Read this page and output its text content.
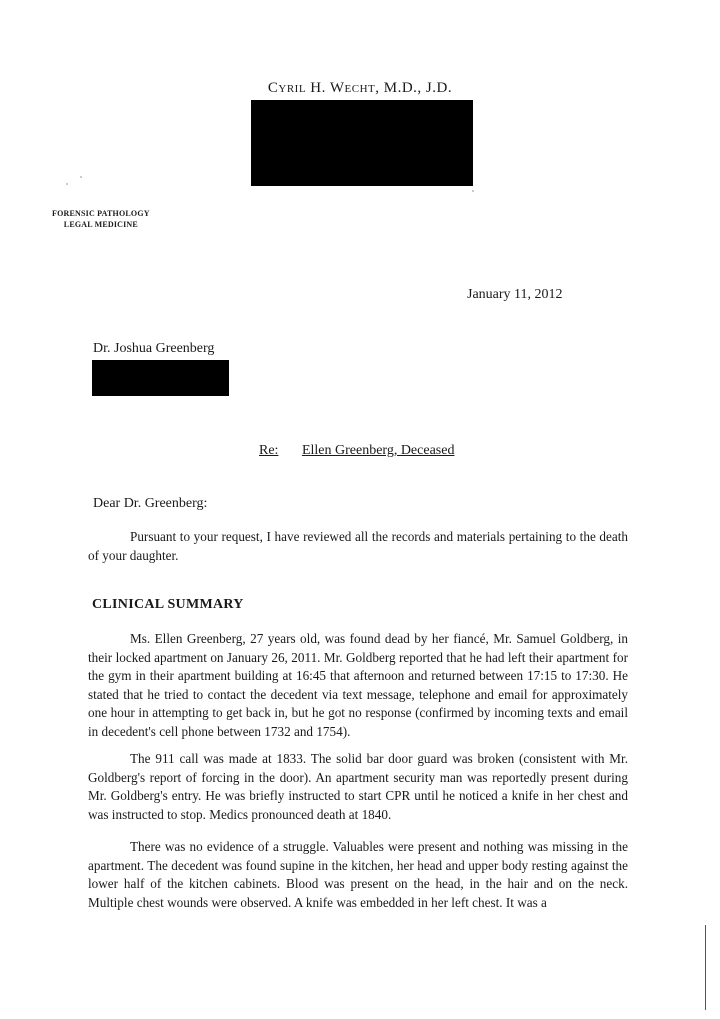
Cyril H. Wecht, M.D., J.D.
FORENSIC PATHOLOGY
LEGAL MEDICINE
January 11, 2012
Dr. Joshua Greenberg
Re: Ellen Greenberg, Deceased
Dear Dr. Greenberg:
Pursuant to your request, I have reviewed all the records and materials pertaining to the death of your daughter.
CLINICAL SUMMARY
Ms. Ellen Greenberg, 27 years old, was found dead by her fiancé, Mr. Samuel Goldberg, in their locked apartment on January 26, 2011. Mr. Goldberg reported that he had left their apartment for the gym in their apartment building at 16:45 that afternoon and returned between 17:15 to 17:30. He stated that he tried to contact the decedent via text message, telephone and email for approximately one hour in attempting to get back in, but he got no response (confirmed by incoming texts and email in decedent's cell phone between 1732 and 1754).
The 911 call was made at 1833. The solid bar door guard was broken (consistent with Mr. Goldberg's report of forcing in the door). An apartment security man was reportedly present during Mr. Goldberg's entry. He was briefly instructed to start CPR until he noticed a knife in her chest and was instructed to stop. Medics pronounced death at 1840.
There was no evidence of a struggle. Valuables were present and nothing was missing in the apartment. The decedent was found supine in the kitchen, her head and upper body resting against the lower half of the kitchen cabinets. Blood was present on the head, in the hair and on the neck. Multiple chest wounds were observed. A knife was embedded in her left chest. It was a
